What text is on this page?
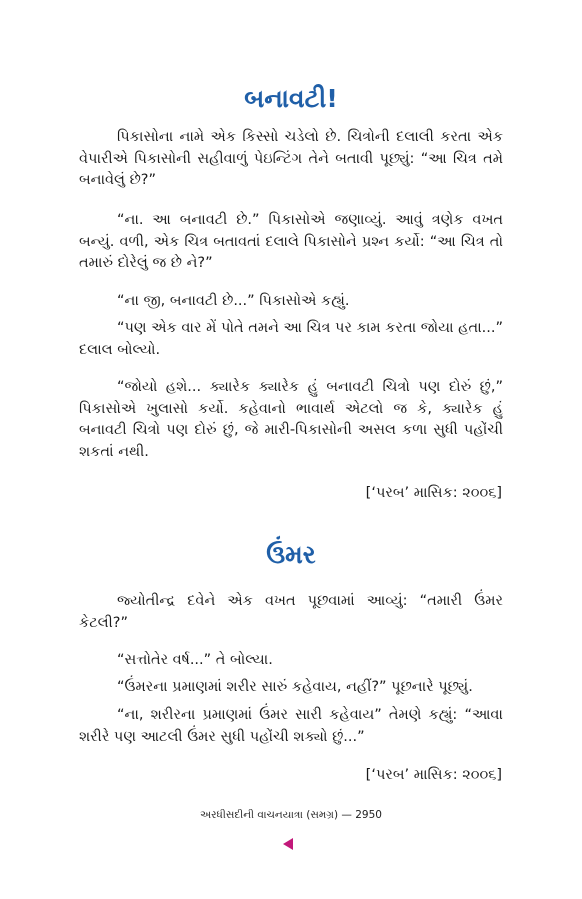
બનાવટી!

પિકાસોના નામે એક કિસ્સો ચડેલો છે. ચિત્રોની દલાલી કરતા એક વેપારીએ પિકાસોની સહીવાળું પેઇન્ટિંગ તેને બતાવી પૂછ્યું: “આ ચિત્ર તમે બનાવેલું છે?”

“ના. આ બનાવટી છે.” પિકાસોએ જણાવ્યું. આવું ત્રણેક વખત બન્યું. વળી, એક ચિત્ર બતાવતાં દલાલે પિકાસોને પ્રશ્ન કર્યો: “આ ચિત્ર તો તમારું દોરેલું જ છે ને?”

“ના જી, બનાવટી છે...” પિકાસોએ કહ્યું.

“પણ એક વાર મેં પોતે તમને આ ચિત્ર પર કામ કરતા જોયા હતા...” દલાલ બોલ્યો.

“જોયો હશે... ક્યારેક ક્યારેક હું બનાવટી ચિત્રો પણ દોરું છું,” પિકાસોએ ખુલાસો કર્યો. કહેવાનો ભાવાર્થ એટલો જ કે, ક્યારેક હું બનાવટી ચિત્રો પણ દોરું છું, જે મારી-પિકાસોની અસલ કળા સુધી પહોંચી શકતાં નથી.

[‘પરબ’ માસિક: ૨૦૦૬]

ઉંમર

જ્યોતીન્દ્ર દવેને એક વખત પૂછવામાં આવ્યું: “તમારી ઉંમર કેટલી?”

“સત્તોતેર વર્ષ...” તે બોલ્યા.

“ઉંમરના પ્રમાણમાં શરીર સારું કહેવાય, નહીં?” પૂછનારે પૂછ્યું.

“ના, શરીરના પ્રમાણમાં ઉંમર સારી કહેવાય” તેમણે કહ્યું: “આવા શરીરે પણ આટલી ઉંમર સુધી પહોંચી શક્યો છું...”

[‘પરબ’ માસિક: ૨૦૦૬]

અરધીસદીની વાચનયાત્રા (સમગ્ર) — 2950
